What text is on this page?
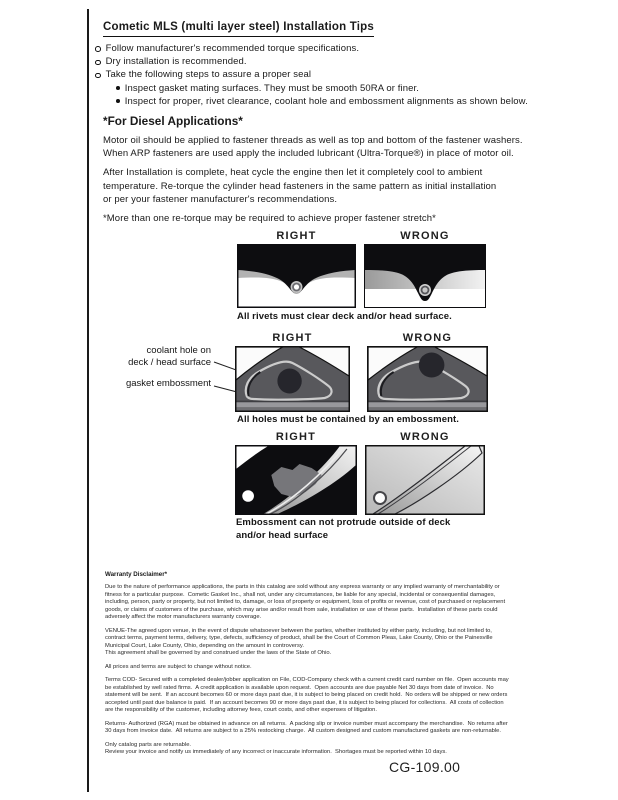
Cometic MLS (multi layer steel) Installation Tips
Follow manufacturer's recommended torque specifications.
Dry installation is recommended.
Take the following steps to assure a proper seal
Inspect gasket mating surfaces. They must be smooth 50RA or finer.
Inspect for proper, rivet clearance, coolant hole and embossment alignments as shown below.
*For Diesel Applications*

Motor oil should be applied to fastener threads as well as top and bottom of the fastener washers.
When ARP fasteners are used apply the included lubricant (Ultra-Torque®) in place of motor oil.

After Installation is complete, heat cycle the engine then let it completely cool to ambient
temperature. Re-torque the cylinder head fasteners in the same pattern as initial installation
or per your fastener manufacturer's recommendations.

*More than one re-torque may be required to achieve proper fastener stretch*

RIGHT	WRONG
All rivets must clear deck and/or head surface.
RIGHT	WRONG
coolant hole on
deck / head surface
gasket embossment
All holes must be contained by an embossment.
RIGHT	WRONG
Embossment can not protrude outside of deck
and/or head surface
Warranty Disclaimer*

Due to the nature of performance applications, the parts in this catalog are sold without any express warranty or any implied warranty of merchantability or
fitness for a particular purpose.  Cometic Gasket Inc., shall not, under any circumstances, be liable for any special, incidental or consequential damages,
including, person, party or property, but not limited to, damage, or loss of property or equipment, loss of profits or revenue, cost of purchased or replacement
goods, or claims of customers of the purchase, which may arise and/or result from sale, installation or use of these parts.  Installation of these parts could
adversely affect the motor manufacturers warranty coverage.

VENUE-The agreed upon venue, in the event of dispute whatsoever between the parties, whether instituted by either party, including, but not limited to,
contract terms, payment terms, delivery, type, defects, sufficiency of product, shall be the Court of Common Pleas, Lake County, Ohio or the Painesville
Municipal Court, Lake County, Ohio, depending on the amount in controversy.
This agreement shall be governed by and construed under the laws of the State of Ohio.

All prices and terms are subject to change without notice.

Terms COD- Secured with a completed dealer/jobber application on File, COD-Company check with a current credit card number on file.  Open accounts may
be established by well rated firms.  A credit application is available upon request.  Open accounts are due payable Net 30 days from date of invoice.  No
statement will be sent.  If an account becomes 60 or more days past due, it is subject to being placed on credit hold.  No orders will be shipped or new orders
accepted until past due balance is paid.  If an account becomes 90 or more days past due, it is subject to being placed for collections.  All costs of collection
are the responsibility of the customer, including attorney fees, court costs, and other expenses of litigation.

Returns- Authorized (RGA) must be obtained in advance on all returns.  A packing slip or invoice number must accompany the merchandise.  No returns after
30 days from invoice date.  All returns are subject to a 25% restocking charge.  All custom designed and custom manufactured gaskets are non-returnable.

Only catalog parts are returnable.
Review your invoice and notify us immediately of any incorrect or inaccurate information.  Shortages must be reported within 10 days.

CG-109.00
